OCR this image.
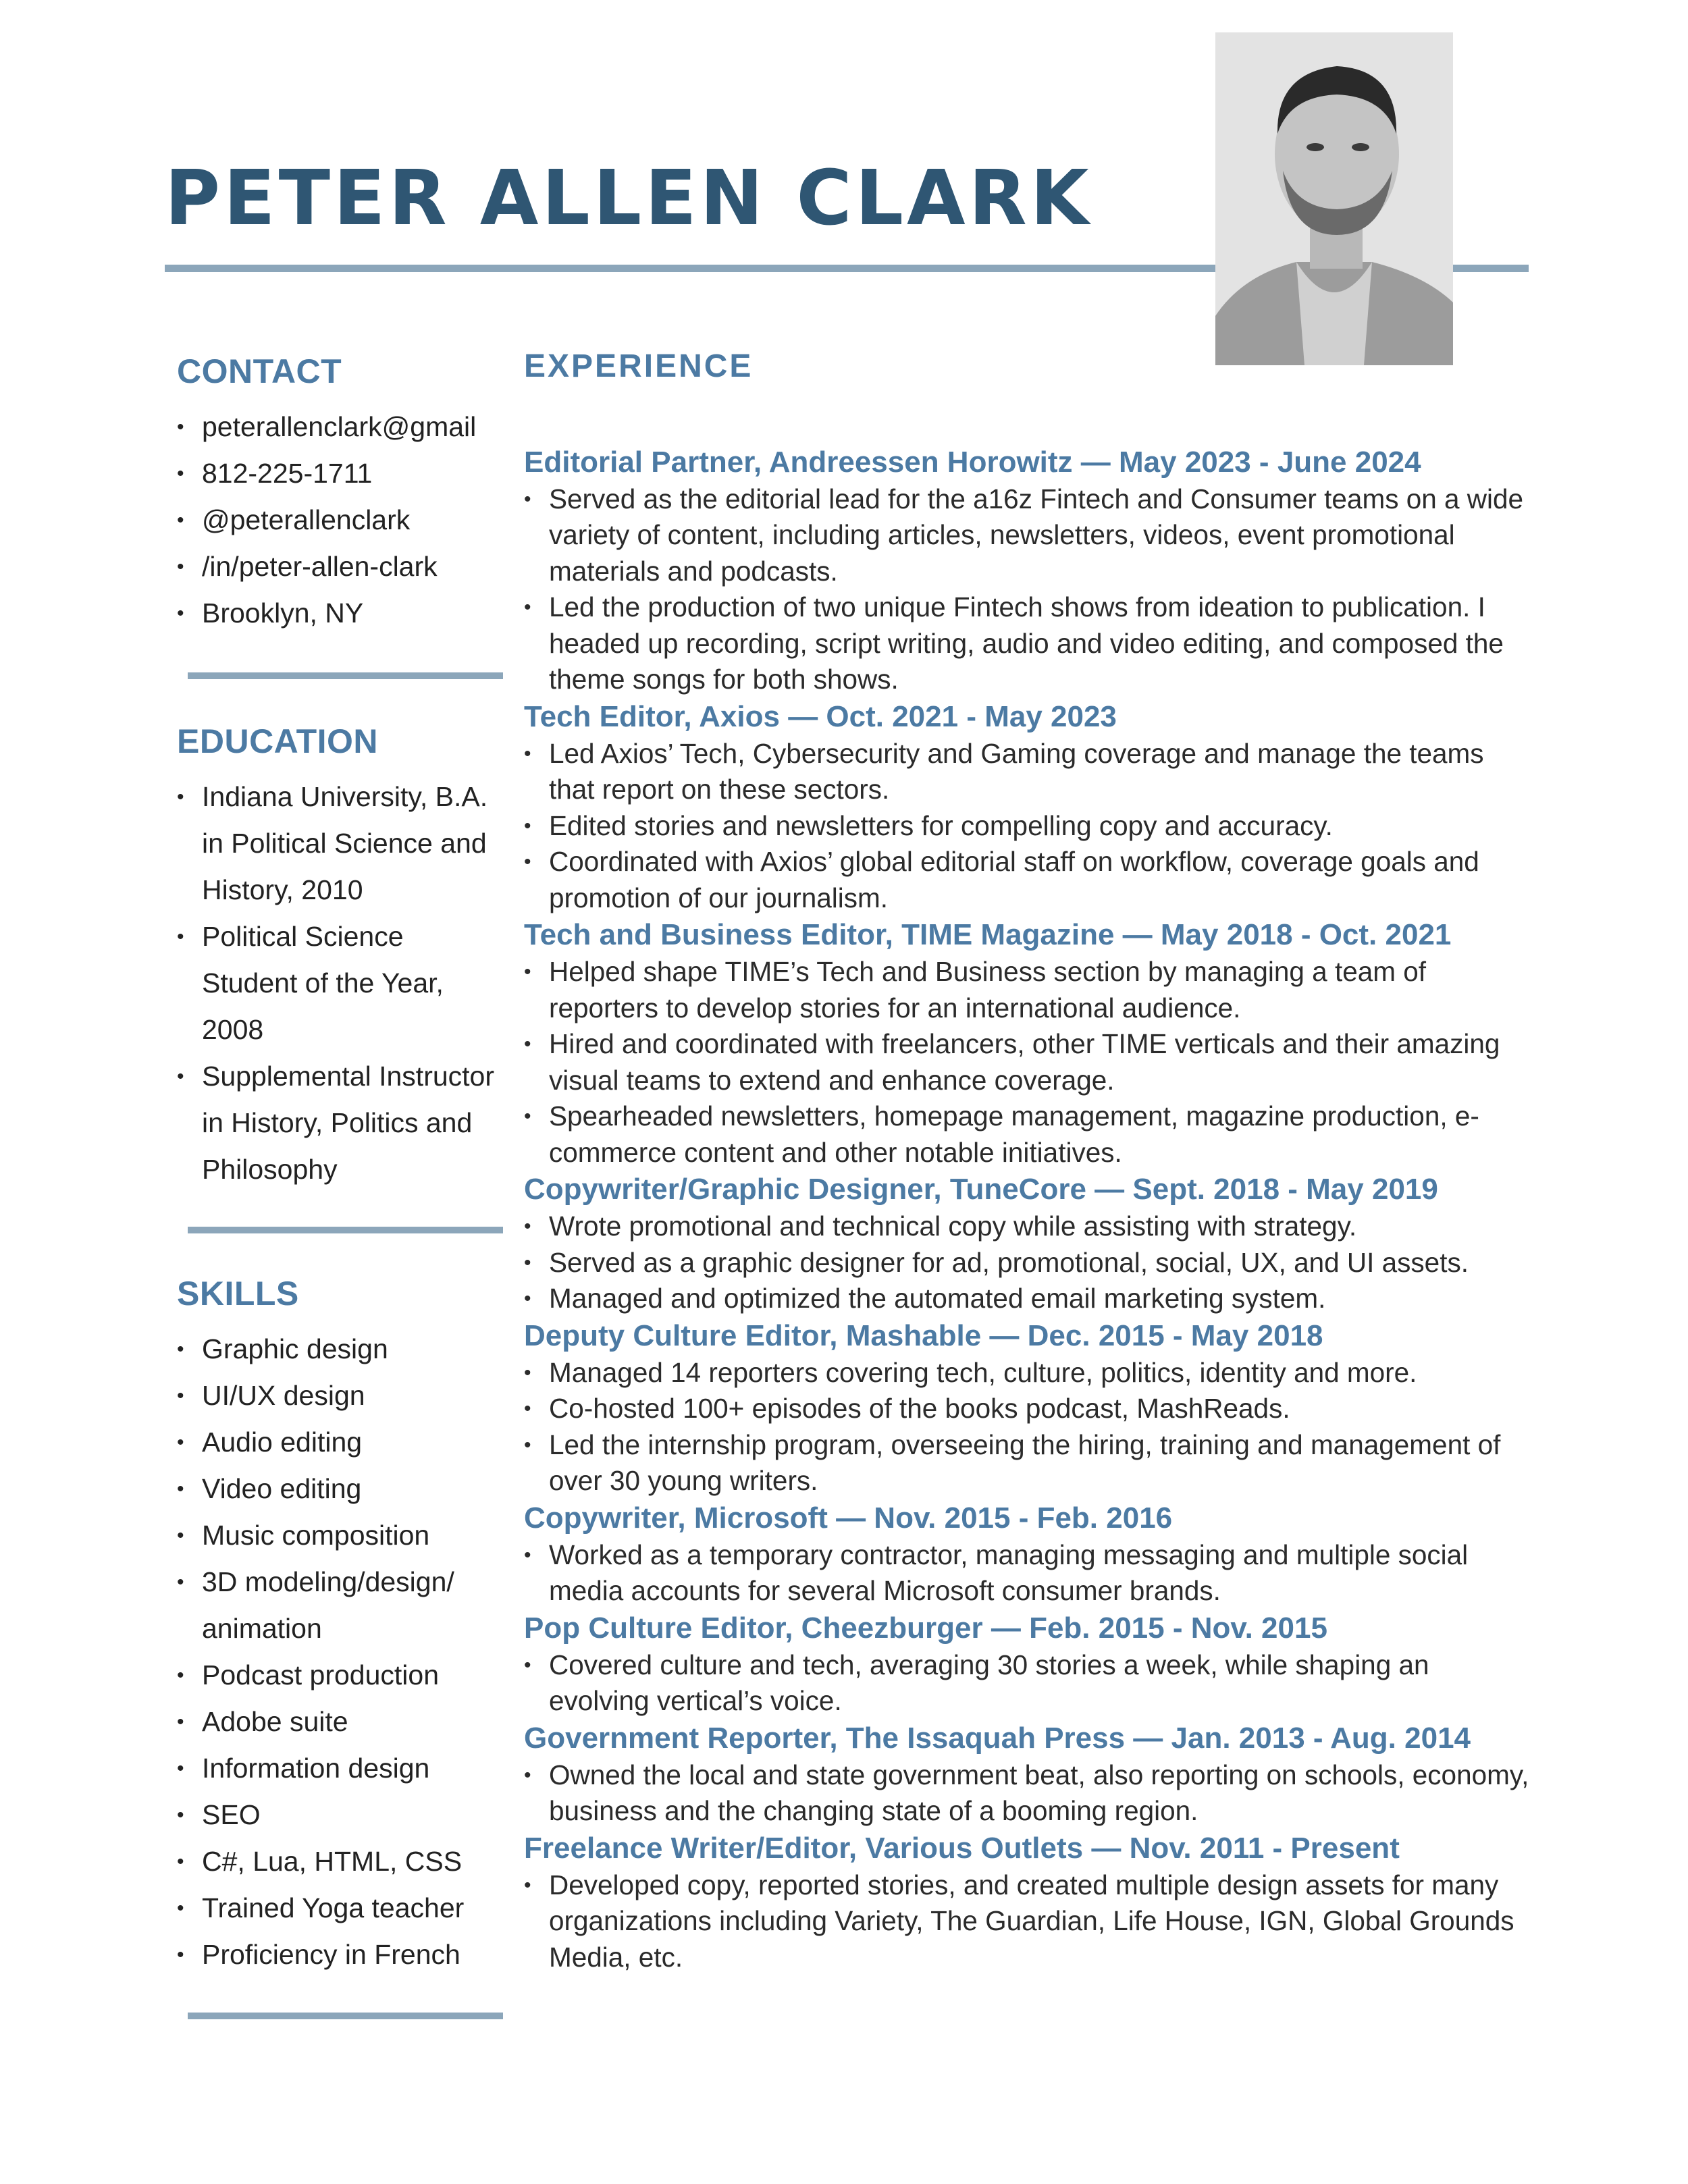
PETER ALLEN CLARK
CONTACT
• peterallenclark@gmail
• 812-225-1711
• @peterallenclark
• /in/peter-allen-clark
• Brooklyn, NY
EDUCATION
• Indiana University, B.A. in Political Science and History, 2010
• Political Science Student of the Year, 2008
• Supplemental Instructor in History, Politics and Philosophy
SKILLS
• Graphic design
• UI/UX design
• Audio editing
• Video editing
• Music composition
• 3D modeling/design/ animation
• Podcast production
• Adobe suite
• Information design
• SEO
• C#, Lua, HTML, CSS
• Trained Yoga teacher
• Proficiency in French
EXPERIENCE
Editorial Partner, Andreessen Horowitz — May 2023 - June 2024
• Served as the editorial lead for the a16z Fintech and Consumer teams on a wide variety of content, including articles, newsletters, videos, event promotional materials and podcasts.
• Led the production of two unique Fintech shows from ideation to publication. I headed up recording, script writing, audio and video editing, and composed the theme songs for both shows.
Tech Editor, Axios — Oct. 2021 - May 2023
• Led Axios’ Tech, Cybersecurity and Gaming coverage and manage the teams that report on these sectors.
• Edited stories and newsletters for compelling copy and accuracy.
• Coordinated with Axios’ global editorial staff on workflow, coverage goals and promotion of our journalism.
Tech and Business Editor, TIME Magazine — May 2018 - Oct. 2021
• Helped shape TIME’s Tech and Business section by managing a team of reporters to develop stories for an international audience.
• Hired and coordinated with freelancers, other TIME verticals and their amazing visual teams to extend and enhance coverage.
• Spearheaded newsletters, homepage management, magazine production, e-commerce content and other notable initiatives.
Copywriter/Graphic Designer, TuneCore — Sept. 2018 - May 2019
• Wrote promotional and technical copy while assisting with strategy.
• Served as a graphic designer for ad, promotional, social, UX, and UI assets.
• Managed and optimized the automated email marketing system.
Deputy Culture Editor, Mashable — Dec. 2015 - May 2018
• Managed 14 reporters covering tech, culture, politics, identity and more.
• Co-hosted 100+ episodes of the books podcast, MashReads.
• Led the internship program, overseeing the hiring, training and management of over 30 young writers.
Copywriter, Microsoft — Nov. 2015 - Feb. 2016
• Worked as a temporary contractor, managing messaging and multiple social media accounts for several Microsoft consumer brands.
Pop Culture Editor, Cheezburger — Feb. 2015 - Nov. 2015
• Covered culture and tech, averaging 30 stories a week, while shaping an evolving vertical’s voice.
Government Reporter, The Issaquah Press — Jan. 2013 - Aug. 2014
• Owned the local and state government beat, also reporting on schools, economy, business and the changing state of a booming region.
Freelance Writer/Editor, Various Outlets — Nov. 2011 - Present
• Developed copy, reported stories, and created multiple design assets for many organizations including Variety, The Guardian, Life House, IGN, Global Grounds Media, etc.
